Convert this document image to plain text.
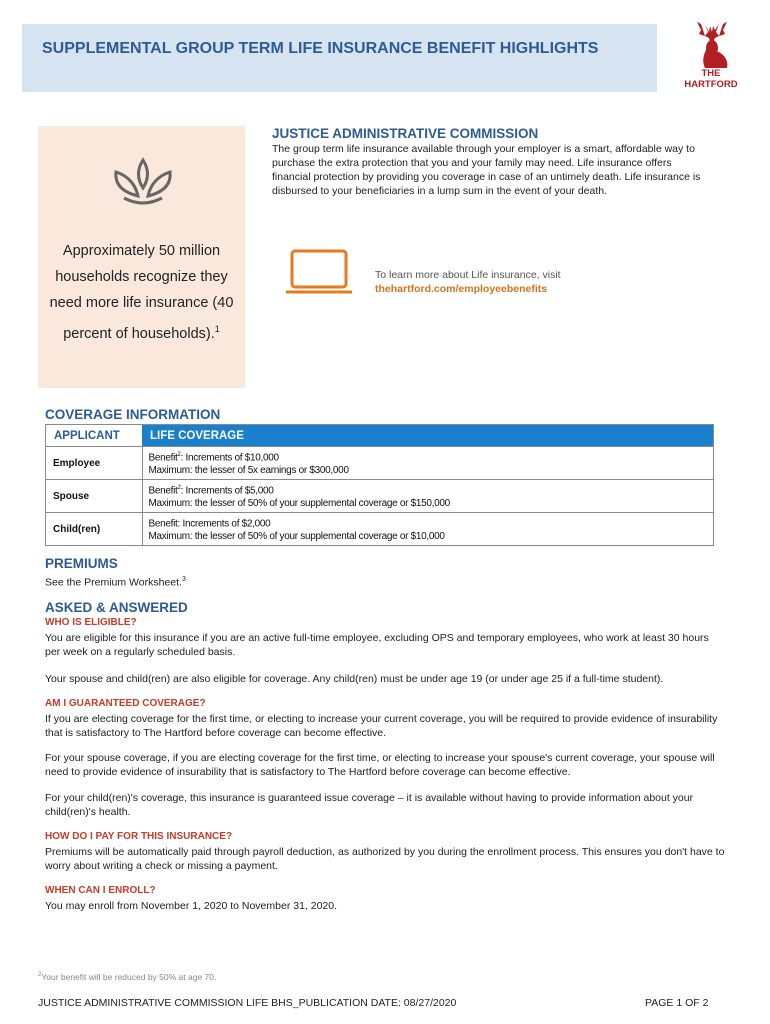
SUPPLEMENTAL GROUP TERM LIFE INSURANCE BENEFIT HIGHLIGHTS
THE
HARTFORD
Approximately 50 million households recognize they need more life insurance (40 percent of households).$^1$
JUSTICE ADMINISTRATIVE COMMISSION
The group term life insurance available through your employer is a smart, affordable way to purchase the extra protection that you and your family may need. Life insurance offers financial protection by providing you coverage in case of an untimely death. Life insurance is disbursed to your beneficiaries in a lump sum in the event of your death.
To learn more about Life insurance, visit
thehartford.com/employeebenefits
COVERAGE INFORMATION
APPLICANT	LIFE COVERAGE
Employee	Benefit$^2$: Increments of $10,000
Maximum: the lesser of 5x earnings or $300,000

Spouse	Benefit$^2$: Increments of $5,000
Maximum: the lesser of 50% of your supplemental coverage or $150,000

Child(ren)	Benefit: Increments of $2,000
Maximum: the lesser of 50% of your supplemental coverage or $10,000
PREMIUMS
See the Premium Worksheet.$^3$
ASKED & ANSWERED
WHO IS ELIGIBLE?
You are eligible for this insurance if you are an active full-time employee, excluding OPS and temporary employees, who work at least 30 hours per week on a regularly scheduled basis.
Your spouse and child(ren) are also eligible for coverage. Any child(ren) must be under age 19 (or under age 25 if a full-time student).
AM I GUARANTEED COVERAGE?
If you are electing coverage for the first time, or electing to increase your current coverage, you will be required to provide evidence of insurability that is satisfactory to The Hartford before coverage can become effective.
For your spouse coverage, if you are electing coverage for the first time, or electing to increase your spouse's current coverage, your spouse will need to provide evidence of insurability that is satisfactory to The Hartford before coverage can become effective.
For your child(ren)'s coverage, this insurance is guaranteed issue coverage – it is available without having to provide information about your child(ren)'s health.
HOW DO I PAY FOR THIS INSURANCE?
Premiums will be automatically paid through payroll deduction, as authorized by you during the enrollment process. This ensures you don't have to worry about writing a check or missing a payment.
WHEN CAN I ENROLL?
You may enroll from November 1, 2020 to November 31, 2020.
$^2$Your benefit will be reduced by 50% at age 70.
JUSTICE ADMINISTRATIVE COMMISSION LIFE BHS_PUBLICATION DATE: 08/27/2020	PAGE 1 OF 2
